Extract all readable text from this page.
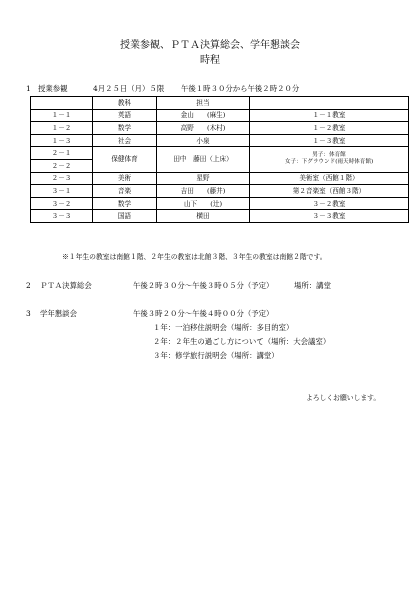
授業参観、ＰＴＡ決算総会、学年懇談会
時程
1 授業参観	4月２５日（月）５限 午後１時３０分から午後２時２０分
	教科	担当	
１－１	英語	金山　　(麻生)	１－１教室
１－２	数学	高野　　(木村)	１－２教室
１－３	社会	小泉	１－３教室
２－１	保健体育	田中　藤田（上床）	男子：体育館
女子：下グラウンド(雨天時体育館)

２－２			
２－３	美術	星野	美術室（西館１階）
３－１	音楽	吉田　　(藤井)	第２音楽室（西館３階）
３－２	数学	山下　　(辻)	３－２教室
３－３	国語	横田	３－３教室
※１年生の教室は南館１階、２年生の教室は北館３階、３年生の教室は南館２階です。
2 ＰＴＡ決算総会	午後２時３０分～午後３時０５分（予定）	場所：講堂
3 学年懇談会	午後３時２０分～午後４時００分（予定）
１年：一泊移住説明会（場所：多目的室）
２年：２年生の過ごし方について（場所：大会議室）
３年：修学旅行説明会（場所：講堂）
よろしくお願いします。
